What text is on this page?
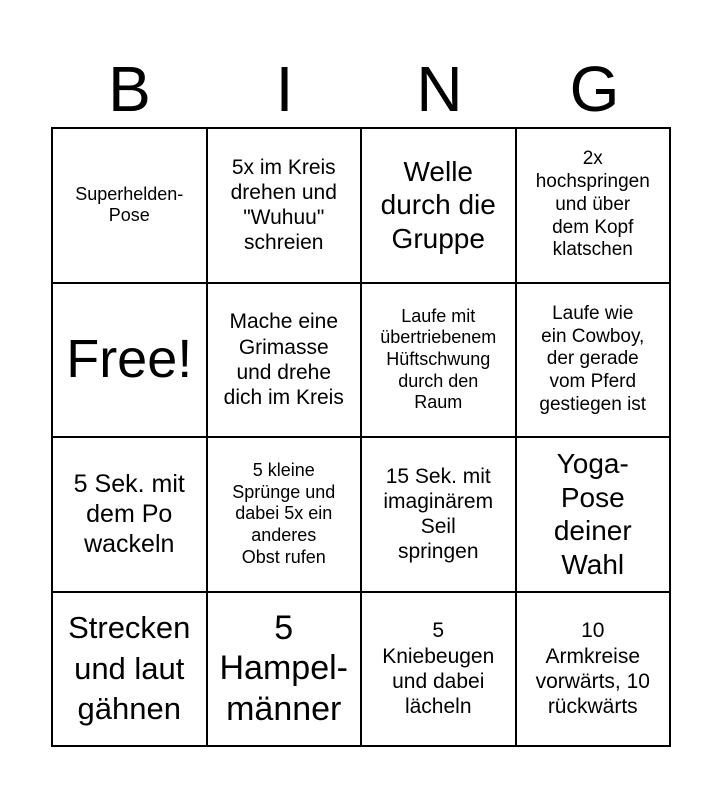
B	I	N	G
Superhelden-
Pose
5x im Kreis
drehen und
"Wuhuu"
schreien
Welle
durch die
Gruppe
2x
hochspringen
und über
dem Kopf
klatschen
Free!
Mache eine
Grimasse
und drehe
dich im Kreis
Laufe mit
übertriebenem
Hüftschwung
durch den
Raum
Laufe wie
ein Cowboy,
der gerade
vom Pferd
gestiegen ist
5 Sek. mit
dem Po
wackeln
5 kleine
Sprünge und
dabei 5x ein
anderes
Obst rufen
15 Sek. mit
imaginärem
Seil
springen
Yoga-
Pose
deiner
Wahl
Strecken
und laut
gähnen
5
Hampel-
männer
5
Kniebeugen
und dabei
lächeln
10
Armkreise
vorwärts, 10
rückwärts
